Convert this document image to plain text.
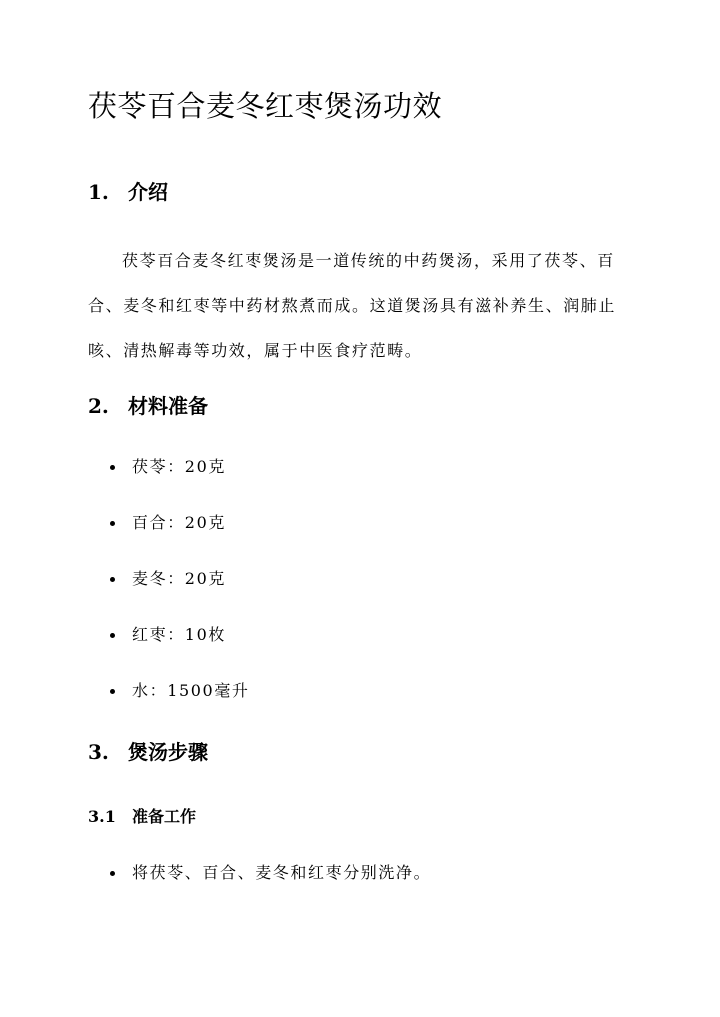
茯苓百合麦冬红枣煲汤功效
1. 介绍

茯苓百合麦冬红枣煲汤是一道传统的中药煲汤，采用了茯苓、百合、麦冬和红枣等中药材熬煮而成。这道煲汤具有滋补养生、润肺止咳、清热解毒等功效，属于中医食疗范畴。

2. 材料准备
茯苓：20克
百合：20克
麦冬：20克
红枣：10枚
水：1500毫升
3. 煲汤步骤
3.1 准备工作
将茯苓、百合、麦冬和红枣分别洗净。
